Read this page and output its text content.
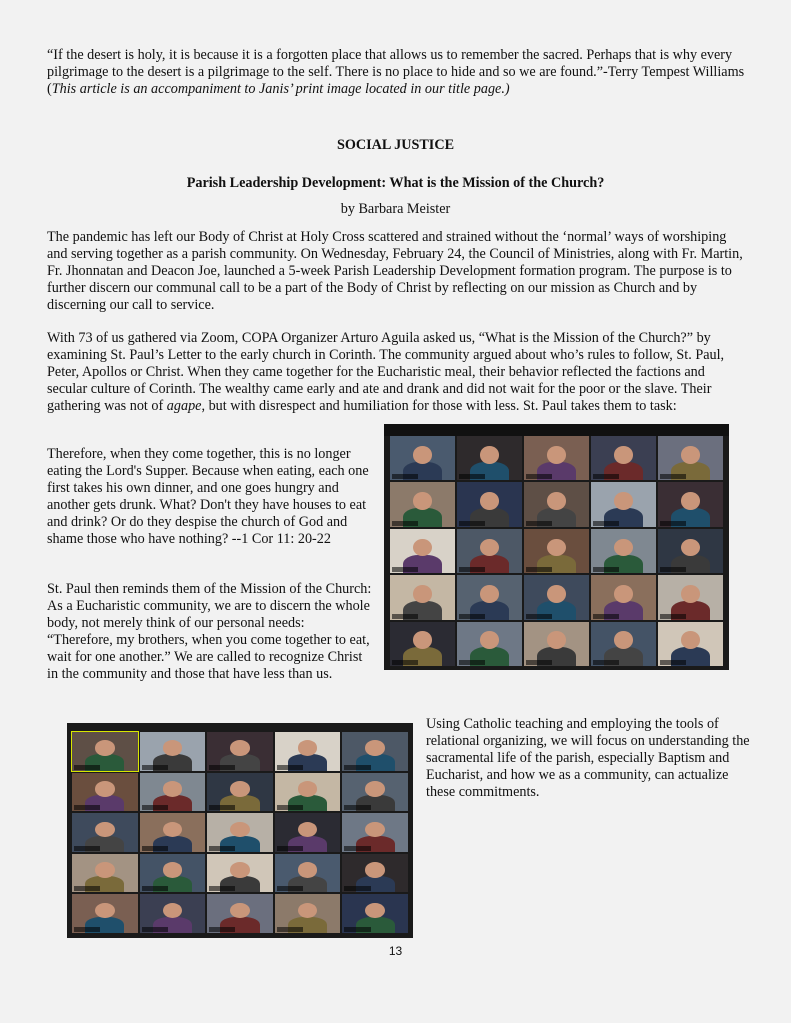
“If the desert is holy, it is because it is a forgotten place that allows us to remember the sacred. Perhaps that is why every pilgrimage to the desert is a pilgrimage to the self. There is no place to hide and so we are found.”-Terry Tempest Williams (This article is an accompaniment to Janis’ print image located in our title page.)
SOCIAL JUSTICE
Parish Leadership Development: What is the Mission of the Church?
by Barbara Meister

The pandemic has left our Body of Christ at Holy Cross scattered and strained without the ‘normal’ ways of worshiping and serving together as a parish community. On Wednesday, February 24, the Council of Ministries, along with Fr. Martin, Fr. Jhonnatan and Deacon Joe, launched a 5-week Parish Leadership Development formation program. The purpose is to further discern our communal call to be a part of the Body of Christ by reflecting on our mission as Church and by discerning our call to service.

With 73 of us gathered via Zoom, COPA Organizer Arturo Aguila asked us, “What is the Mission of the Church?” by examining St. Paul’s Letter to the early church in Corinth. The community argued about who’s rules to follow, St. Paul, Peter, Apollos or Christ. When they came together for the Eucharistic meal, their behavior reflected the factions and secular culture of Corinth. The wealthy came early and ate and drank and did not wait for the poor or the slave. Their gathering was not of agape, but with disrespect and humiliation for those with less. St. Paul takes them to task:

Therefore, when they come together, this is no longer eating the Lord's Supper. Because when eating, each one first takes his own dinner, and one goes hungry and another gets drunk. What? Don't they have houses to eat and drink? Or do they despise the church of God and shame those who have nothing? --1 Cor 11: 20-22

St. Paul then reminds them of the Mission of the Church: As a Eucharistic community, we are to discern the whole body, not merely think of our personal needs: “Therefore, my brothers, when you come together to eat, wait for one another.” We are called to recognize Christ in the community and those that have less than us.

Using Catholic teaching and employing the tools of relational organizing, we will focus on understanding the sacramental life of the parish, especially Baptism and Eucharist, and how we as a community, can actualize these commitments.

13
